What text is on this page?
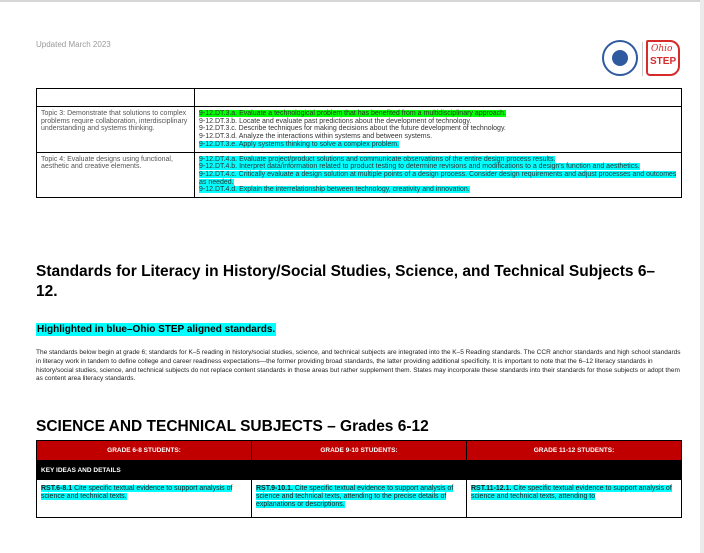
Updated March 2023	Ohio
STEP

Topic 3: Demonstrate that solutions to complex problems require collaboration, interdisciplinary understanding and systems thinking.	9-12.DT.3.a. Evaluate a technological problem that has benefited from a multidisciplinary approach.
9-12.DT.3.b. Locate and evaluate past predictions about the development of technology.
9-12.DT.3.c. Describe techniques for making decisions about the future development of technology.
9-12.DT.3.d. Analyze the interactions within systems and between systems.
9-12.DT.3.e. Apply systems thinking to solve a complex problem.

Topic 4: Evaluate designs using functional, aesthetic and creative elements.	9-12.DT.4.a. Evaluate project/product solutions and communicate observations of the entire design process results.
9-12.DT.4.b. Interpret data/information related to product testing to determine revisions and modifications to a design's function and aesthetics.
9-12.DT.4.c. Critically evaluate a design solution at multiple points of a design process. Consider design requirements and adjust processes and outcomes as needed.
9-12.DT.4.d. Explain the interrelationship between technology, creativity and innovation.
Standards for Literacy in History/Social Studies, Science, and Technical Subjects 6–12.
Highlighted in blue–Ohio STEP aligned standards.
The standards below begin at grade 6; standards for K–5 reading in history/social studies, science, and technical subjects are integrated into the K–5 Reading standards. The CCR anchor standards and high school standards in literacy work in tandem to define college and career readiness expectations—the former providing broad standards, the latter providing additional specificity. It is important to note that the 6–12 literacy standards in history/social studies, science, and technical subjects do not replace content standards in those areas but rather supplement them. States may incorporate these standards into their standards for those subjects or adopt them as content area literacy standards.
SCIENCE AND TECHNICAL SUBJECTS – Grades 6-12
GRADE 6-8 STUDENTS:	GRADE 9-10 STUDENTS:	GRADE 11-12 STUDENTS:
KEY IDEAS AND DETAILS		
RST.6-8.1 Cite specific textual evidence to support analysis of science and technical texts.	RST.9-10.1. Cite specific textual evidence to support analysis of science and technical texts, attending to the precise details of explanations or descriptions.	RST.11-12.1. Cite specific textual evidence to support analysis of science and technical texts, attending to
